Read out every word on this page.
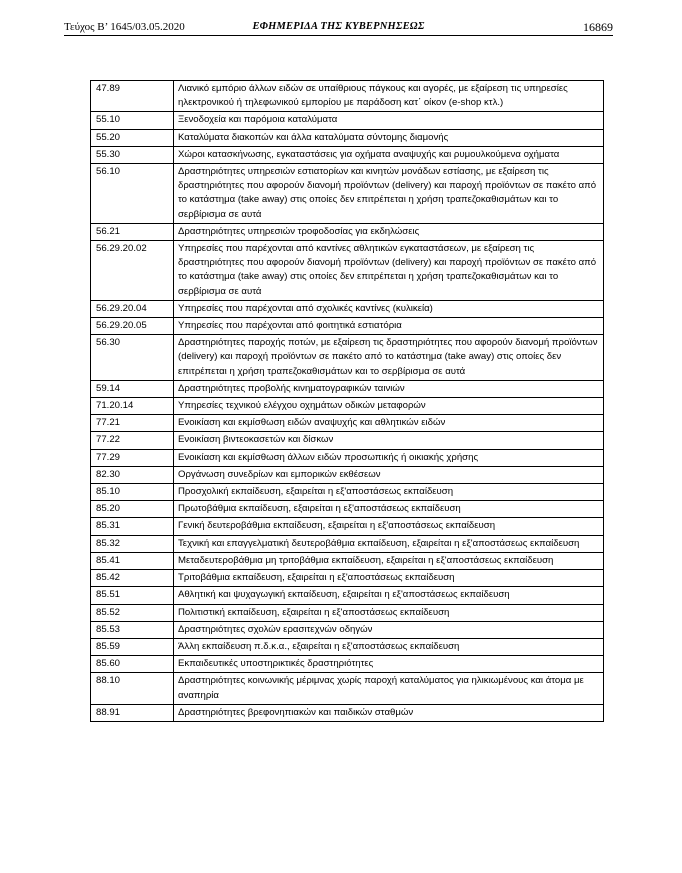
Τεύχος Β’ 1645/03.05.2020	ΕΦΗΜΕΡΙΔΑ ΤΗΣ ΚΥΒΕΡΝΗΣΕΩΣ	16869
47.89	Λιανικό εμπόριο άλλων ειδών σε υπαίθριους πάγκους και αγορές, με εξαίρεση τις υπηρεσίες ηλεκτρονικού ή τηλεφωνικού εμπορίου με παράδοση κατ΄ οίκον (e-shop κτλ.)
55.10	Ξενοδοχεία και παρόμοια καταλύματα
55.20	Καταλύματα διακοπών και άλλα καταλύματα σύντομης διαμονής
55.30	Χώροι κατασκήνωσης, εγκαταστάσεις για οχήματα αναψυχής και ρυμουλκούμενα οχήματα
56.10	Δραστηριότητες υπηρεσιών εστιατορίων και κινητών μονάδων εστίασης, με εξαίρεση τις δραστηριότητες που αφορούν διανομή προϊόντων (delivery) και παροχή προϊόντων σε πακέτο από το κατάστημα (take away) στις οποίες δεν επιτρέπεται η χρήση τραπεζοκαθισμάτων και το σερβίρισμα σε αυτά
56.21	Δραστηριότητες υπηρεσιών τροφοδοσίας για εκδηλώσεις
56.29.20.02	Υπηρεσίες που παρέχονται από καντίνες αθλητικών εγκαταστάσεων, με εξαίρεση τις δραστηριότητες που αφορούν διανομή προϊόντων (delivery) και παροχή προϊόντων σε πακέτο από το κατάστημα (take away) στις οποίες δεν επιτρέπεται η χρήση τραπεζοκαθισμάτων και το σερβίρισμα σε αυτά
56.29.20.04	Υπηρεσίες που παρέχονται από σχολικές καντίνες (κυλικεία)
56.29.20.05	Υπηρεσίες που παρέχονται από φοιτητικά εστιατόρια
56.30	Δραστηριότητες παροχής ποτών, με εξαίρεση τις δραστηριότητες που αφορούν διανομή προϊόντων (delivery) και παροχή προϊόντων σε πακέτο από το κατάστημα (take away) στις οποίες δεν επιτρέπεται η χρήση τραπεζοκαθισμάτων και το σερβίρισμα σε αυτά
59.14	Δραστηριότητες προβολής κινηματογραφικών ταινιών
71.20.14	Υπηρεσίες τεχνικού ελέγχου οχημάτων οδικών μεταφορών
77.21	Ενοικίαση και εκμίσθωση ειδών αναψυχής και αθλητικών ειδών
77.22	Ενοικίαση βιντεοκασετών και δίσκων
77.29	Ενοικίαση και εκμίσθωση άλλων ειδών προσωπικής ή οικιακής χρήσης
82.30	Οργάνωση συνεδρίων και εμπορικών εκθέσεων
85.10	Προσχολική εκπαίδευση, εξαιρείται η εξ'αποστάσεως εκπαίδευση
85.20	Πρωτοβάθμια εκπαίδευση, εξαιρείται η εξ'αποστάσεως εκπαίδευση
85.31	Γενική δευτεροβάθμια εκπαίδευση, εξαιρείται η εξ'αποστάσεως εκπαίδευση
85.32	Τεχνική και επαγγελματική δευτεροβάθμια εκπαίδευση, εξαιρείται η εξ'αποστάσεως εκπαίδευση
85.41	Μεταδευτεροβάθμια μη τριτοβάθμια εκπαίδευση, εξαιρείται η εξ'αποστάσεως εκπαίδευση
85.42	Τριτοβάθμια εκπαίδευση, εξαιρείται η εξ'αποστάσεως εκπαίδευση
85.51	Αθλητική και ψυχαγωγική εκπαίδευση, εξαιρείται η εξ'αποστάσεως εκπαίδευση
85.52	Πολιτιστική εκπαίδευση, εξαιρείται η εξ'αποστάσεως εκπαίδευση
85.53	Δραστηριότητες σχολών ερασιτεχνών οδηγών
85.59	Άλλη εκπαίδευση π.δ.κ.α., εξαιρείται η εξ'αποστάσεως εκπαίδευση
85.60	Εκπαιδευτικές υποστηρικτικές δραστηριότητες
88.10	Δραστηριότητες κοινωνικής μέριμνας χωρίς παροχή καταλύματος για ηλικιωμένους και άτομα με αναπηρία
88.91	Δραστηριότητες βρεφονηπιακών και παιδικών σταθμών
